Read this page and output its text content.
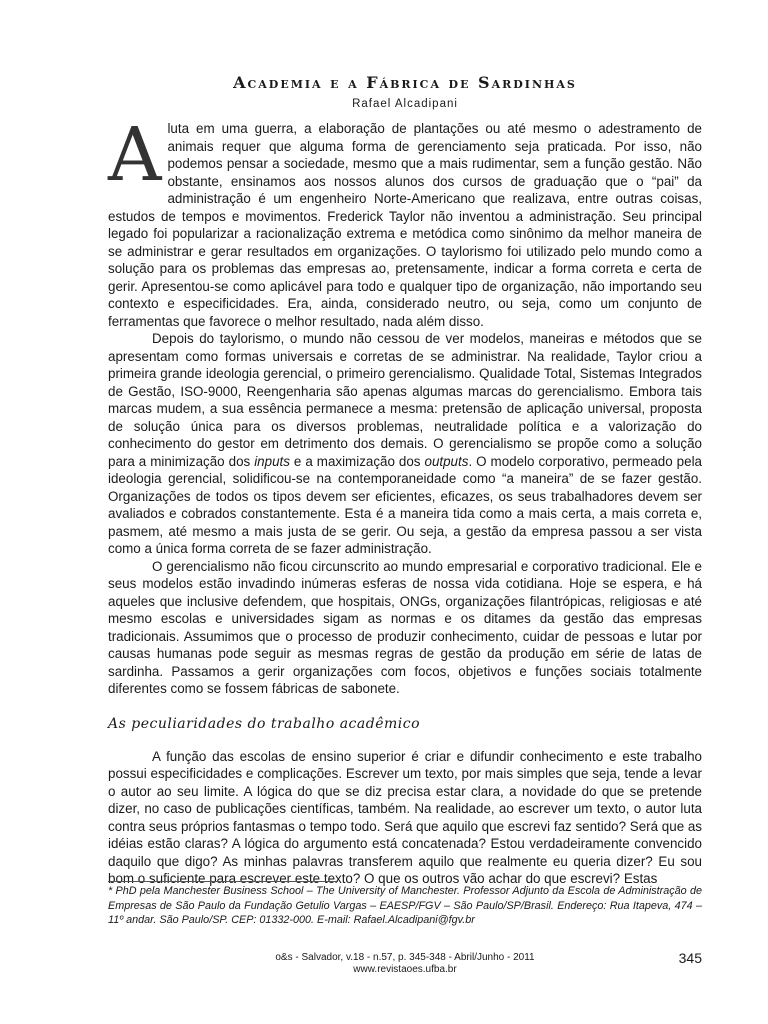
Academia e a Fábrica de Sardinhas
Rafael Alcadipani

Aluta em uma guerra, a elaboração de plantações ou até mesmo o adestramento de animais requer que alguma forma de gerenciamento seja praticada. Por isso, não podemos pensar a sociedade, mesmo que a mais rudimentar, sem a função gestão. Não obstante, ensinamos aos nossos alunos dos cursos de graduação que o “pai” da administração é um engenheiro Norte-Americano que realizava, entre outras coisas, estudos de tempos e movimentos. Frederick Taylor não inventou a administração. Seu principal legado foi popularizar a racionalização extrema e metódica como sinônimo da melhor maneira de se administrar e gerar resultados em organizações. O taylorismo foi utilizado pelo mundo como a solução para os problemas das empresas ao, pretensamente, indicar a forma correta e certa de gerir. Apresentou-se como aplicável para todo e qualquer tipo de organização, não importando seu contexto e especificidades. Era, ainda, considerado neutro, ou seja, como um conjunto de ferramentas que favorece o melhor resultado, nada além disso.

Depois do taylorismo, o mundo não cessou de ver modelos, maneiras e métodos que se apresentam como formas universais e corretas de se administrar. Na realidade, Taylor criou a primeira grande ideologia gerencial, o primeiro gerencialismo. Qualidade Total, Sistemas Integrados de Gestão, ISO-9000, Reengenharia são apenas algumas marcas do gerencialismo. Embora tais marcas mudem, a sua essência permanece a mesma: pretensão de aplicação universal, proposta de solução única para os diversos problemas, neutralidade política e a valorização do conhecimento do gestor em detrimento dos demais. O gerencialismo se propõe como a solução para a minimização dos inputs e a maximização dos outputs. O modelo corporativo, permeado pela ideologia gerencial, solidificou-se na contemporaneidade como “a maneira” de se fazer gestão. Organizações de todos os tipos devem ser eficientes, eficazes, os seus trabalhadores devem ser avaliados e cobrados constantemente. Esta é a maneira tida como a mais certa, a mais correta e, pasmem, até mesmo a mais justa de se gerir. Ou seja, a gestão da empresa passou a ser vista como a única forma correta de se fazer administração.

O gerencialismo não ficou circunscrito ao mundo empresarial e corporativo tradicional. Ele e seus modelos estão invadindo inúmeras esferas de nossa vida cotidiana. Hoje se espera, e há aqueles que inclusive defendem, que hospitais, ONGs, organizações filantrópicas, religiosas e até mesmo escolas e universidades sigam as normas e os ditames da gestão das empresas tradicionais. Assumimos que o processo de produzir conhecimento, cuidar de pessoas e lutar por causas humanas pode seguir as mesmas regras de gestão da produção em série de latas de sardinha. Passamos a gerir organizações com focos, objetivos e funções sociais totalmente diferentes como se fossem fábricas de sabonete.

As peculiaridades do trabalho acadêmico

A função das escolas de ensino superior é criar e difundir conhecimento e este trabalho possui especificidades e complicações. Escrever um texto, por mais simples que seja, tende a levar o autor ao seu limite. A lógica do que se diz precisa estar clara, a novidade do que se pretende dizer, no caso de publicações científicas, também. Na realidade, ao escrever um texto, o autor luta contra seus próprios fantasmas o tempo todo. Será que aquilo que escrevi faz sentido? Será que as idéias estão claras? A lógica do argumento está concatenada? Estou verdadeiramente convencido daquilo que digo? As minhas palavras transferem aquilo que realmente eu queria dizer? Eu sou bom o suficiente para escrever este texto? O que os outros vão achar do que escrevi? Estas

* PhD pela Manchester Business School – The University of Manchester. Professor Adjunto da Escola de Administração de Empresas de São Paulo da Fundação Getulio Vargas – EAESP/FGV – São Paulo/SP/Brasil. Endereço: Rua Itapeva, 474 – 11º andar. São Paulo/SP. CEP: 01332-000. E-mail: Rafael.Alcadipani@fgv.br
o&s - Salvador, v.18 - n.57, p. 345-348 - Abril/Junho - 2011
www.revistaoes.ufba.br
345
